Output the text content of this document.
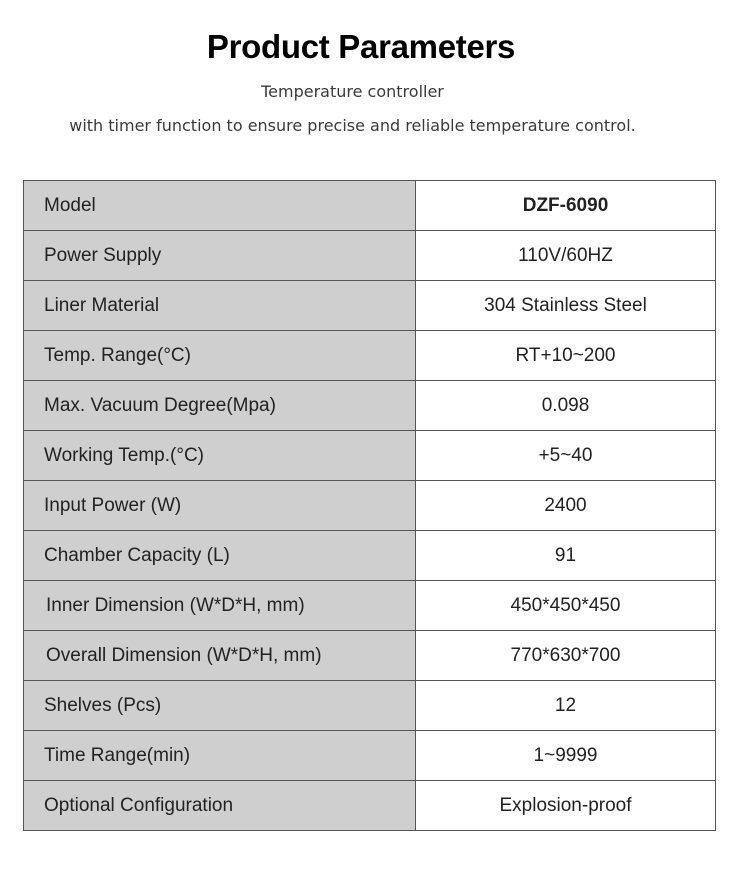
Product Parameters
Temperature controller
with timer function to ensure precise and reliable temperature control.
Model	DZF-6090
Power Supply	110V/60HZ
Liner Material	304 Stainless Steel
Temp. Range(°C)	RT+10~200
Max. Vacuum Degree(Mpa)	0.098
Working Temp.(°C)	+5~40
Input Power (W)	2400
Chamber Capacity (L)	91
Inner Dimension (W*D*H, mm)	450*450*450
Overall Dimension (W*D*H, mm)	770*630*700
Shelves (Pcs)	12
Time Range(min)	1~9999
Optional Configuration	Explosion-proof
